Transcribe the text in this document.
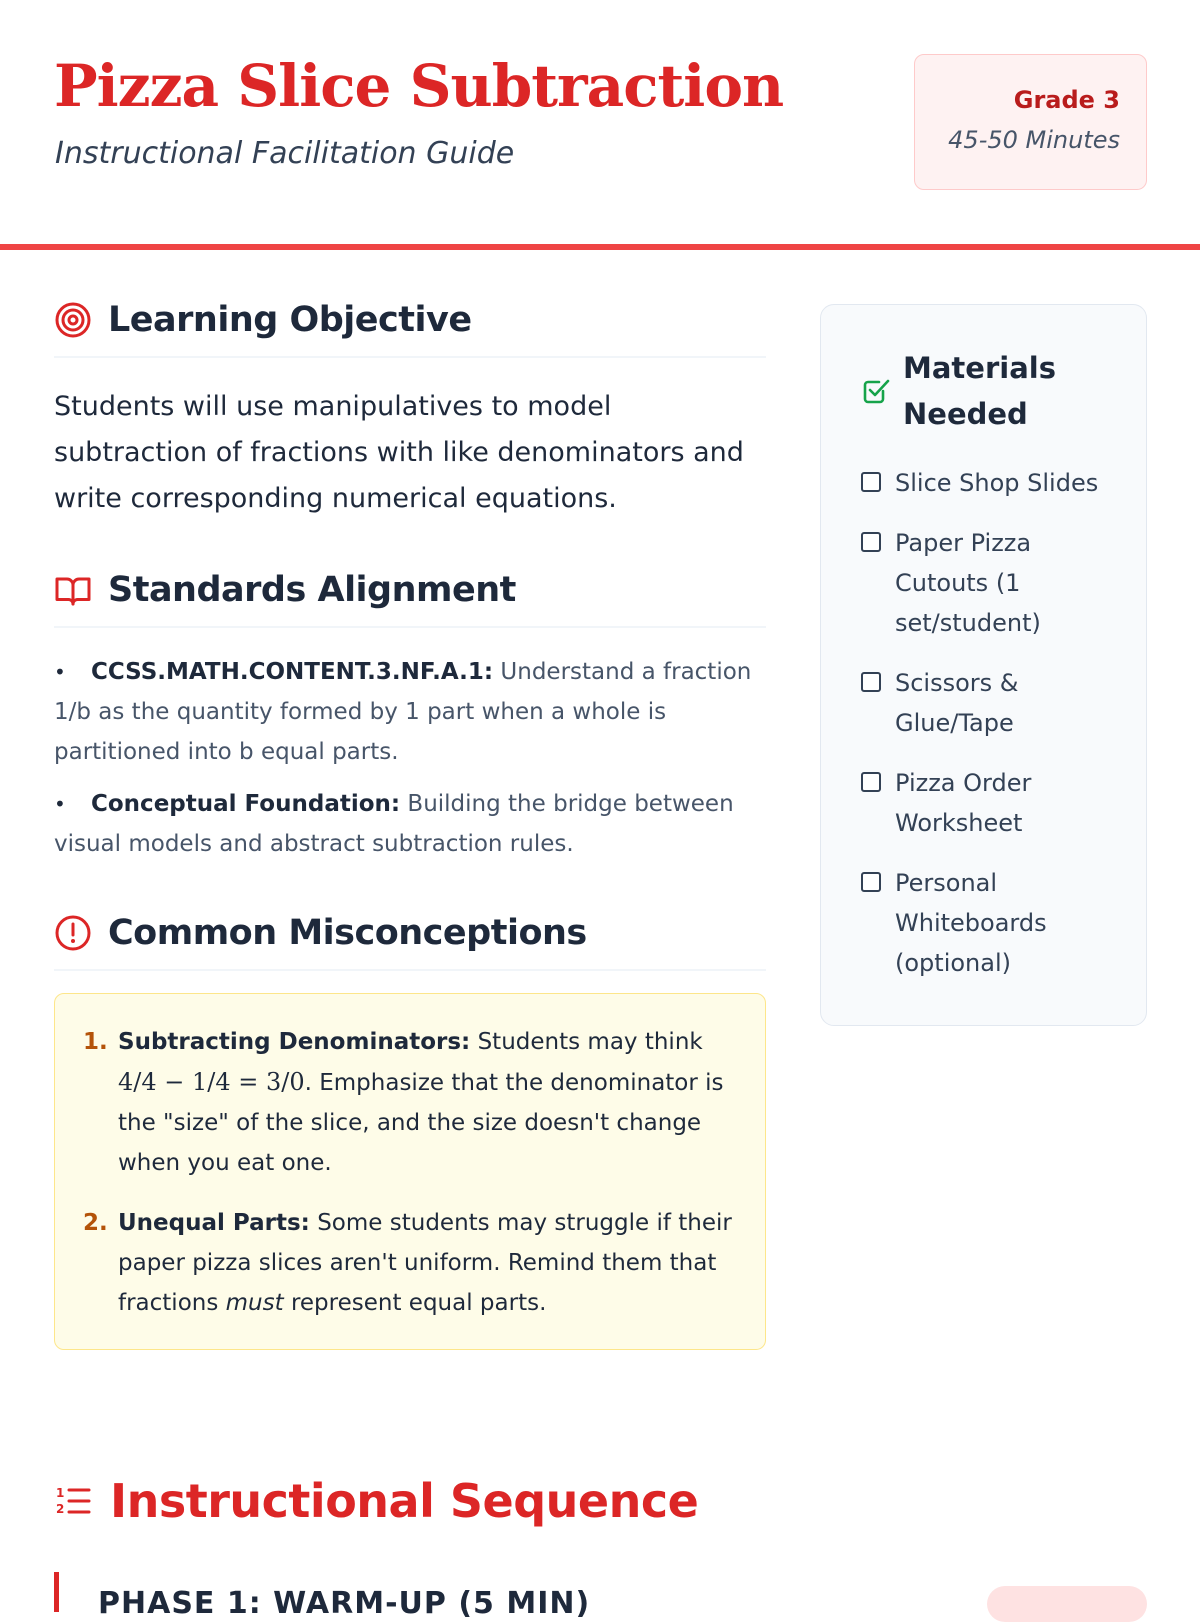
Pizza Slice Subtraction
Instructional Facilitation Guide
Grade 3
45-50 Minutes
Learning Objective

Students will use manipulatives to model subtraction of fractions with like denominators and write corresponding numerical equations.

Standards Alignment
• CCSS.MATH.CONTENT.3.NF.A.1: Understand a fraction 1/b as the quantity formed by 1 part when a whole is partitioned into b equal parts.
• Conceptual Foundation: Building the bridge between visual models and abstract subtraction rules.
Common Misconceptions
1. Subtracting Denominators: Students may think 4/4 − 1/4 = 3/0. Emphasize that the denominator is the "size" of the slice, and the size doesn't change when you eat one.
2. Unequal Parts: Some students may struggle if their paper pizza slices aren't uniform. Remind them that fractions must represent equal parts.
Materials Needed
Slice Shop Slides
Paper Pizza Cutouts (1 set/student)
Scissors & Glue/Tape
Pizza Order Worksheet
Personal Whiteboards (optional)
1
2 Instructional Sequence
PHASE 1: WARM-UP (5 MIN)
